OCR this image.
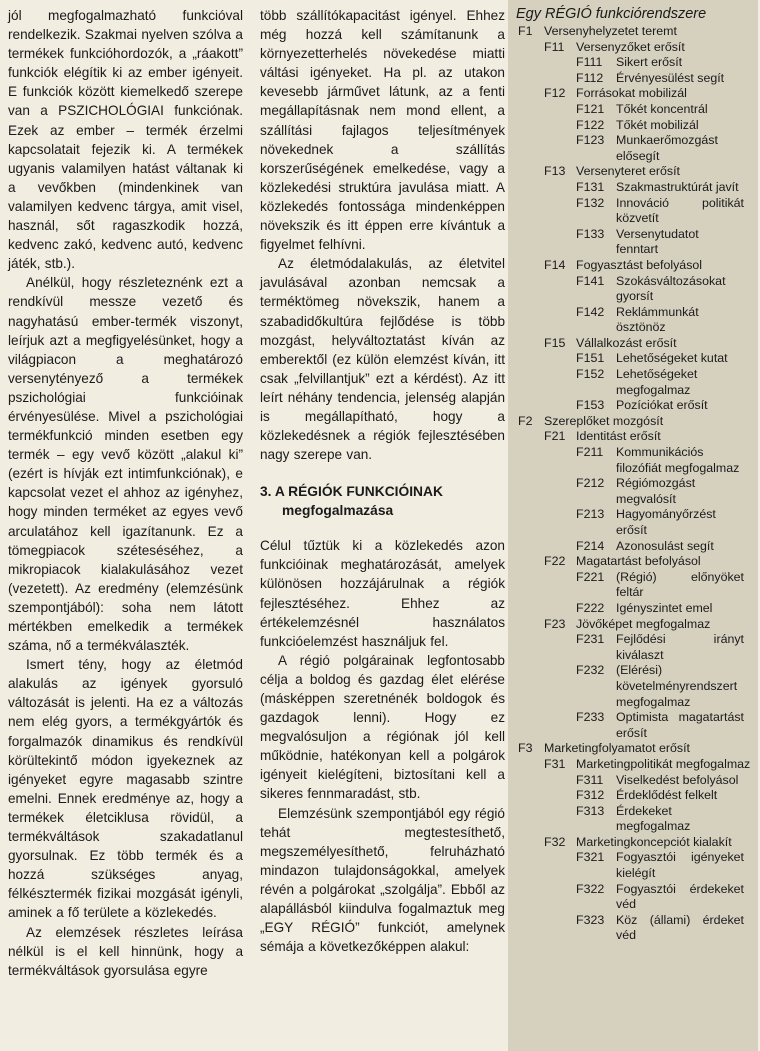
jól megfogalmazható funkcióval rendelkezik. Szakmai nyelven szólva a termékek funkcióhordozók, a „ráakott” funkciók elégítik ki az ember igényeit. E funkciók között kiemelkedő szerepe van a PSZICHOLÓGIAI funkciónak. Ezek az ember – termék érzelmi kapcsolatait fejezik ki. A termékek ugyanis valamilyen hatást váltanak ki a vevőkben (mindenkinek van valamilyen kedvenc tárgya, amit visel, használ, sőt ragaszkodik hozzá, kedvenc zakó, kedvenc autó, kedvenc játék, stb.).

Anélkül, hogy részleteznénk ezt a rendkívül messze vezető és nagyhatású ember-termék viszonyt, leírjuk azt a megfigyelésünket, hogy a világpiacon a meghatározó versenytényező a termékek pszichológiai funkcióinak érvényesülése. Mivel a pszichológiai termékfunkció minden esetben egy termék – egy vevő között „alakul ki” (ezért is hívják ezt intimfunkciónak), e kapcsolat vezet el ahhoz az igényhez, hogy minden terméket az egyes vevő arculatához kell igazítanunk. Ez a tömegpiacok széteséséhez, a mikropiacok kialakulásához vezet (vezetett). Az eredmény (elemzésünk szempontjából): soha nem látott mértékben emelkedik a termékek száma, nő a termékválaszték.

Ismert tény, hogy az életmód alakulás az igények gyorsuló változását is jelenti. Ha ez a változás nem elég gyors, a termékgyártók és forgalmazók dinamikus és rendkívül körültekintő módon igyekeznek az igényeket egyre magasabb szintre emelni. Ennek eredménye az, hogy a termékek életciklusa rövidül, a termékváltások szakadatlanul gyorsulnak. Ez több termék és a hozzá szükséges anyag, félkésztermék fizikai mozgását igényli, aminek a fő területe a közlekedés.

Az elemzések részletes leírása nélkül is el kell hinnünk, hogy a termékváltások gyorsulása egyre

több szállítókapacitást igényel. Ehhez még hozzá kell számítanunk a környezetterhelés növekedése miatti váltási igényeket. Ha pl. az utakon kevesebb járművet látunk, az a fenti megállapításnak nem mond ellent, a szállítási fajlagos teljesítmények növekednek a szállítás korszerűségének emelkedése, vagy a közlekedési struktúra javulása miatt. A közlekedés fontossága mindenképpen növekszik és itt éppen erre kívántuk a figyelmet felhívni.

Az életmódalakulás, az életvitel javulásával azonban nemcsak a terméktömeg növekszik, hanem a szabadidőkultúra fejlődése is több mozgást, helyváltoztatást kíván az emberektől (ez külön elemzést kíván, itt csak „felvillantjuk” ezt a kérdést). Az itt leírt néhány tendencia, jelenség alapján is megállapítható, hogy a közlekedésnek a régiók fejlesztésében nagy szerepe van.

3. A RÉGIÓK FUNKCIÓINAK megfogalmazása

Célul tűztük ki a közlekedés azon funkcióinak meghatározását, amelyek különösen hozzájárulnak a régiók fejlesztéséhez. Ehhez az értékelemzésnél használatos funkcióelemzést használjuk fel.

A régió polgárainak legfontosabb célja a boldog és gazdag élet elérése (másképpen szeretnénék boldogok és gazdagok lenni). Hogy ez megvalósuljon a régiónak jól kell működnie, hatékonyan kell a polgárok igényeit kielégíteni, biztosítani kell a sikeres fennmaradást, stb.

Elemzésünk szempontjából egy régió tehát megtestesíthető, megszemélyesíthető, felruházható mindazon tulajdonságokkal, amelyek révén a polgárokat „szolgálja”. Ebből az alapállásból kiindulva fogalmaztuk meg „EGY RÉGIÓ” funkciót, amelynek sémája a következőképpen alakul:

Egy RÉGIÓ funkciórendszere
F1 Versenyhelyzetet teremt
F11 Versenyzőket erősít
F111	Sikert erősít
F112	Érvényesülést segít
F12 Forrásokat mobilizál
F121 Tőkét koncentrál
F122 Tőkét mobilizál
F123 Munkaerőmozgást elősegít
F13 Versenyteret erősít
F131 Szakmastruktúrát javít
F132 Innováció politikát közvetít
F133 Versenytudatot fenntart
F14 Fogyasztást befolyásol
F141 Szokásváltozásokat gyorsít
F142 Reklámmunkát ösztönöz
F15 Vállalkozást erősít
F151 Lehetőségeket kutat
F152 Lehetőségeket megfogalmaz
F153 Pozíciókat erősít
F2 Szereplőket mozgósít
F21 Identitást erősít
F211	Kommunikációs filozófiát megfogalmaz
F212 Régiómozgást megvalósít
F213 Hagyományőrzést erősít
F214 Azonosulást segít
F22 Magatartást befolyásol
F221 (Régió) előnyöket feltár
F222 Igényszintet emel
F23 Jövőképet megfogalmaz
F231 Fejlődési irányt kiválaszt
F232 (Elérési) követelményrendszert megfogalmaz
F233 Optimista magatartást erősít
F3 Marketingfolyamatot erősít
F31 Marketingpolitikát megfogalmaz
F311	Viselkedést befolyásol
F312 Érdeklődést felkelt
F313 Érdekeket megfogalmaz
F32 Marketingkoncepciót kialakít
F321 Fogyasztói igényeket kielégít
F322 Fogyasztói érdekeket véd
F323 Köz (állami) érdeket véd
